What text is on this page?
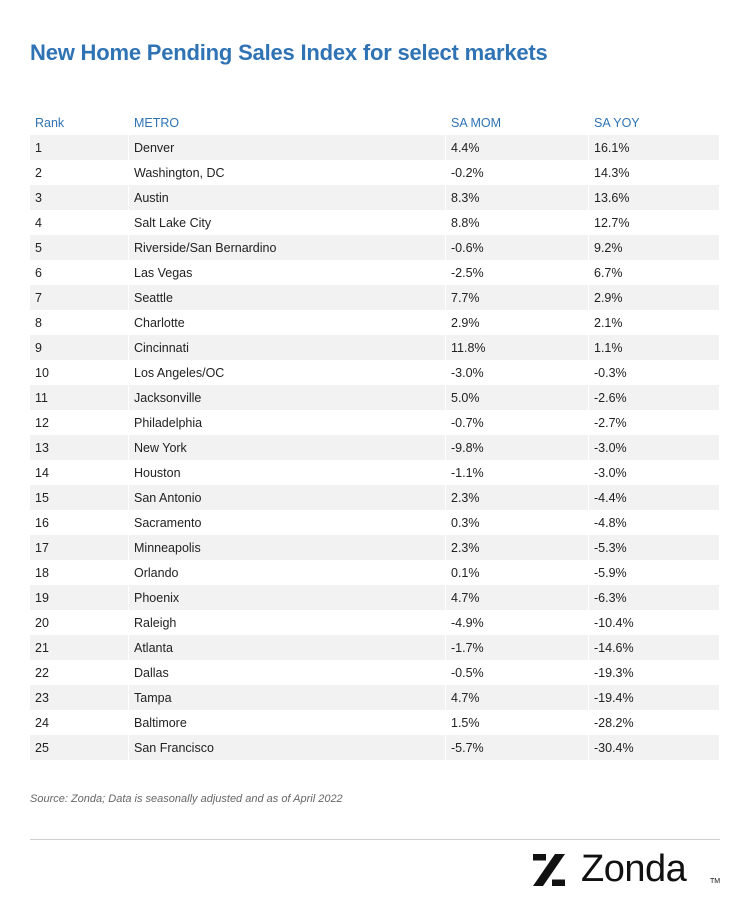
New Home Pending Sales Index for select markets
Rank	METRO	SA MOM	SA YOY
1	Denver	4.4%	16.1%
2	Washington, DC	-0.2%	14.3%
3	Austin	8.3%	13.6%
4	Salt Lake City	8.8%	12.7%
5	Riverside/San Bernardino	-0.6%	9.2%
6	Las Vegas	-2.5%	6.7%
7	Seattle	7.7%	2.9%
8	Charlotte	2.9%	2.1%
9	Cincinnati	11.8%	1.1%
10	Los Angeles/OC	-3.0%	-0.3%
11	Jacksonville	5.0%	-2.6%
12	Philadelphia	-0.7%	-2.7%
13	New York	-9.8%	-3.0%
14	Houston	-1.1%	-3.0%
15	San Antonio	2.3%	-4.4%
16	Sacramento	0.3%	-4.8%
17	Minneapolis	2.3%	-5.3%
18	Orlando	0.1%	-5.9%
19	Phoenix	4.7%	-6.3%
20	Raleigh	-4.9%	-10.4%
21	Atlanta	-1.7%	-14.6%
22	Dallas	-0.5%	-19.3%
23	Tampa	4.7%	-19.4%
24	Baltimore	1.5%	-28.2%
25	San Francisco	-5.7%	-30.4%
Source: Zonda; Data is seasonally adjusted and as of April 2022
Zonda	TM
